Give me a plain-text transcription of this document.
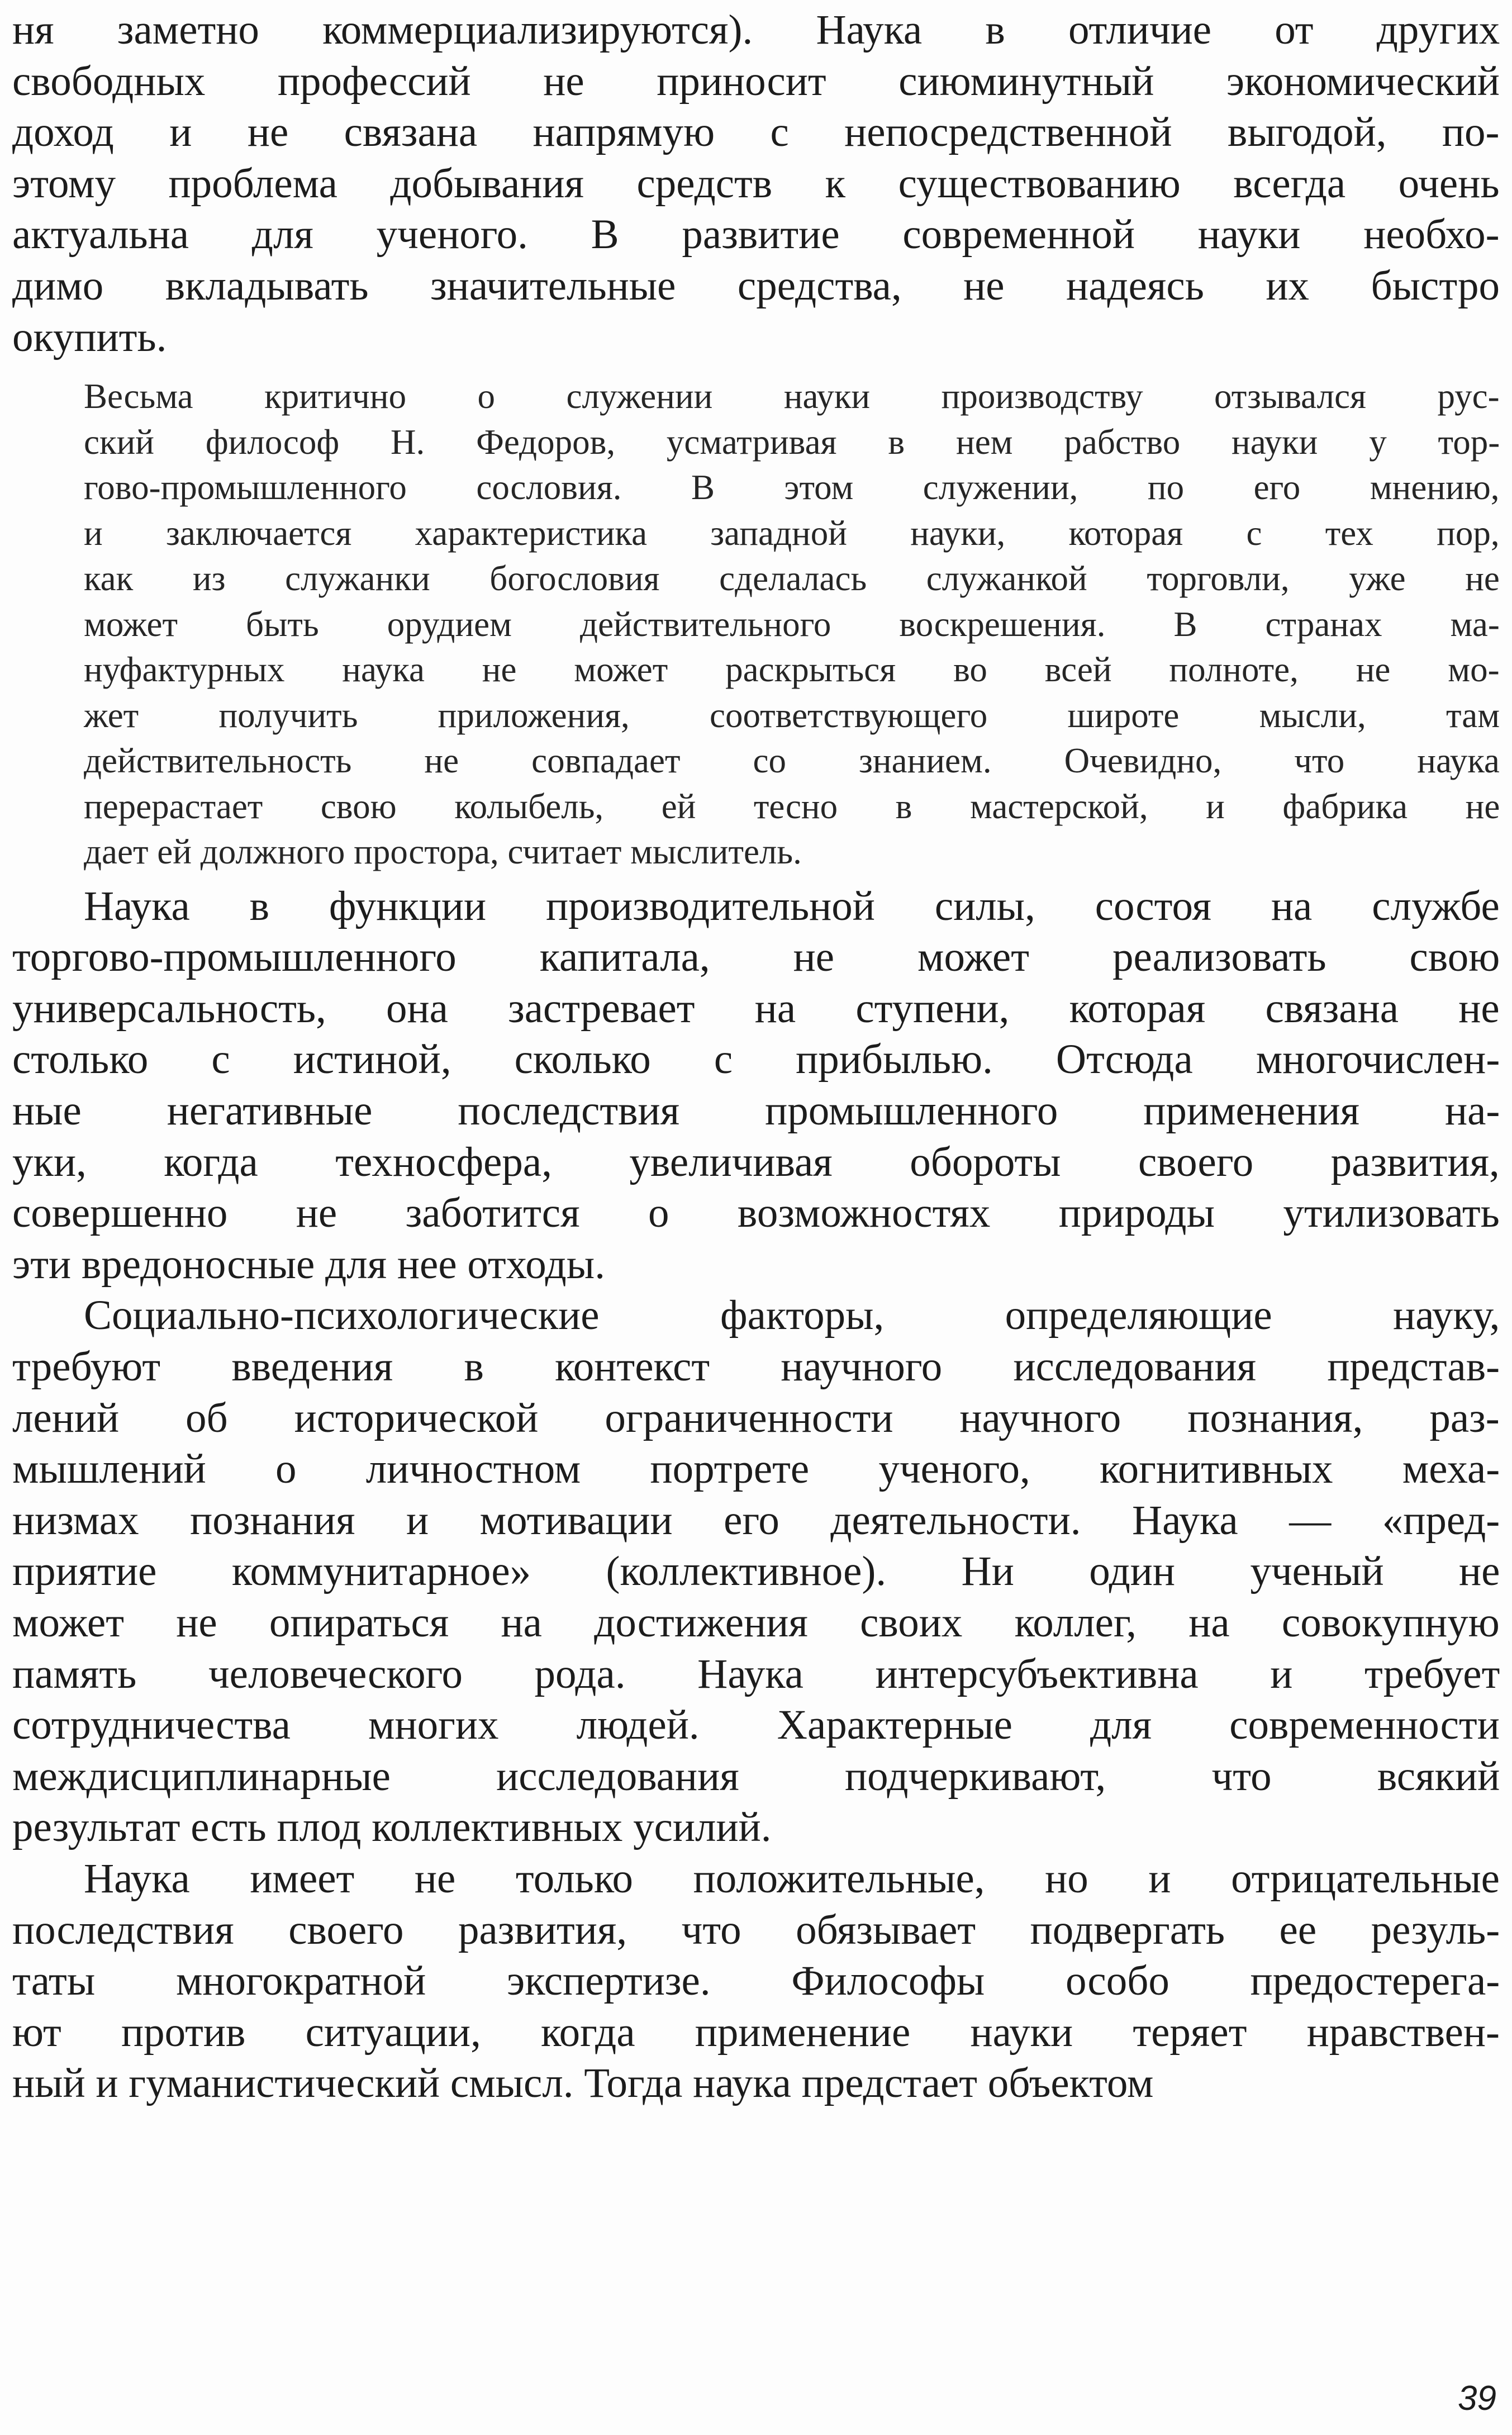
ня заметно коммерциализируются). Наука в отличие от других
свободных профессий не приносит сиюминутный экономический
доход и не связана напрямую с непосредственной выгодой, по-
этому проблема добывания средств к существованию всегда очень
актуальна для ученого. В развитие современной науки необхо-
димо вкладывать значительные средства, не надеясь их быстро
окупить.
Весьма критично о служении науки производству отзывался рус-
ский философ Н. Федоров, усматривая в нем рабство науки у тор-
гово-промышленного сословия. В этом служении, по его мнению,
и заключается характеристика западной науки, которая с тех пор,
как из служанки богословия сделалась служанкой торговли, уже не
может быть орудием действительного воскрешения. В странах ма-
нуфактурных наука не может раскрыться во всей полноте, не мо-
жет получить приложения, соответствующего широте мысли, там
действительность не совпадает со знанием. Очевидно, что наука
перерастает свою колыбель, ей тесно в мастерской, и фабрика не
дает ей должного простора, считает мыслитель.
Наука в функции производительной силы, состоя на службе
торгово-промышленного капитала, не может реализовать свою
универсальность, она застревает на ступени, которая связана не
столько с истиной, сколько с прибылью. Отсюда многочислен-
ные негативные последствия промышленного применения на-
уки, когда техносфера, увеличивая обороты своего развития,
совершенно не заботится о возможностях природы утилизовать
эти вредоносные для нее отходы.
Социально-психологические факторы, определяющие науку,
требуют введения в контекст научного исследования представ-
лений об исторической ограниченности научного познания, раз-
мышлений о личностном портрете ученого, когнитивных меха-
низмах познания и мотивации его деятельности. Наука — «пред-
приятие коммунитарное» (коллективное). Ни один ученый не
может не опираться на достижения своих коллег, на совокупную
память человеческого рода. Наука интерсубъективна и требует
сотрудничества многих людей. Характерные для современности
междисциплинарные исследования подчеркивают, что всякий
результат есть плод коллективных усилий.
Наука имеет не только положительные, но и отрицательные
последствия своего развития, что обязывает подвергать ее резуль-
таты многократной экспертизе. Философы особо предостерега-
ют против ситуации, когда применение науки теряет нравствен-
ный и гуманистический смысл. Тогда наука предстает объектом
39
